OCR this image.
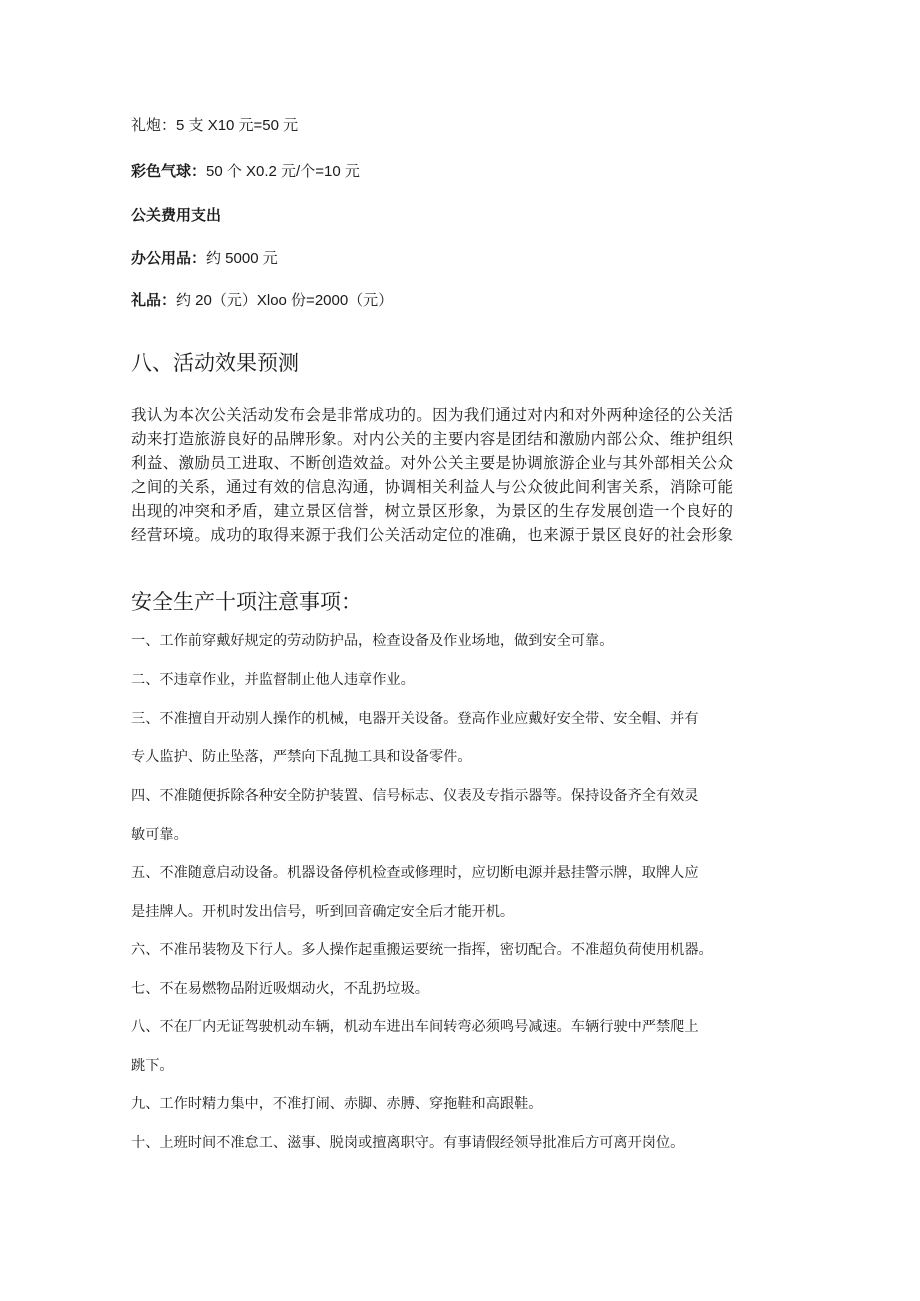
礼炮：5 支 X10 元=50 元
彩色气球：50 个 X0.2 元/个=10 元
公关费用支出
办公用品：约 5000 元
礼品：约 20（元）Xloo 份=2000（元）
八、活动效果预测
我认为本次公关活动发布会是非常成功的。因为我们通过对内和对外两种途径的公关活
动来打造旅游良好的品牌形象。对内公关的主要内容是团结和激励内部公众、维护组织
利益、激励员工进取、不断创造效益。对外公关主要是协调旅游企业与其外部相关公众
之间的关系，通过有效的信息沟通，协调相关利益人与公众彼此间利害关系，消除可能
出现的冲突和矛盾，建立景区信誉，树立景区形象，为景区的生存发展创造一个良好的
经营环境。成功的取得来源于我们公关活动定位的准确，也来源于景区良好的社会形象
安全生产十项注意事项：
一、工作前穿戴好规定的劳动防护品，检查设备及作业场地，做到安全可靠。
二、不违章作业，并监督制止他人违章作业。
三、不准擅自开动别人操作的机械，电器开关设备。登高作业应戴好安全带、安全帽、并有
专人监护、防止坠落，严禁向下乱抛工具和设备零件。
四、不准随便拆除各种安全防护装置、信号标志、仪表及专指示器等。保持设备齐全有效灵
敏可靠。
五、不准随意启动设备。机器设备停机检查或修理时，应切断电源并悬挂警示牌，取牌人应
是挂牌人。开机时发出信号，听到回音确定安全后才能开机。
六、不准吊装物及下行人。多人操作起重搬运要统一指挥，密切配合。不准超负荷使用机器。
七、不在易燃物品附近吸烟动火，不乱扔垃圾。
八、不在厂内无证驾驶机动车辆，机动车进出车间转弯必须鸣号减速。车辆行驶中严禁爬上
跳下。
九、工作时精力集中，不准打闹、赤脚、赤膊、穿拖鞋和高跟鞋。
十、上班时间不准怠工、滋事、脱岗或擅离职守。有事请假经领导批准后方可离开岗位。
